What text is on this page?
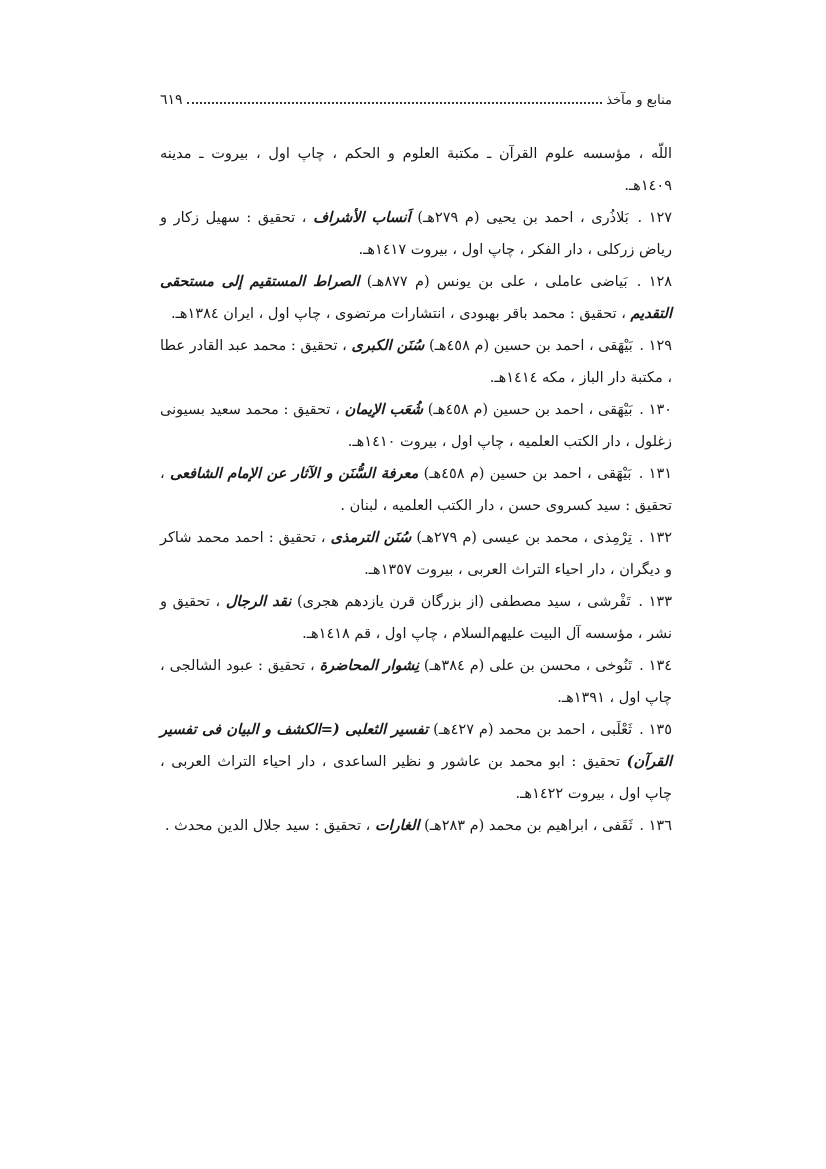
منابع و مآخذ
٦١٩

اللّه ، مؤسسه علوم القرآن ـ مكتبة العلوم و الحكم ، چاپ اول ، بيروت ـ مدينه ١٤٠٩هـ.

١٢٧ . بَلاذُرى ، احمد بن يحيى (م ٢٧٩هـ) اَنساب الأشراف ، تحقيق : سهيل زكار و رياض زركلى ، دار الفكر ، چاپ اول ، بيروت ١٤١٧هـ.

١٢٨ . بَياضى عاملى ، على بن يونس (م ٨٧٧هـ) الصراط المستقيم إلى مستحقى التقديم ، تحقيق : محمد باقر بهبودى ، انتشارات مرتضوى ، چاپ اول ، ايران ١٣٨٤هـ.

١٢٩ . بَيْهَقى ، احمد بن حسين (م ٤٥٨هـ) سُنَن الكبرى ، تحقيق : محمد عبد القادر عطا ، مكتبة دار الباز ، مكه ١٤١٤هـ.

١٣٠ . بَيْهَقى ، احمد بن حسين (م ٤٥٨هـ) شُعَب الإيمان ، تحقيق : محمد سعيد بسيونى زغلول ، دار الكتب العلميه ، چاپ اول ، بيروت ١٤١٠هـ.

١٣١ . بَيْهَقى ، احمد بن حسين (م ٤٥٨هـ) معرفة السُّنَن و الآثار عن الإمام الشافعى ، تحقيق : سيد كسروى حسن ، دار الكتب العلميه ، لبنان .

١٣٢ . تِرْمِذى ، محمد بن عيسى (م ٢٧٩هـ) سُنَن الترمذى ، تحقيق : احمد محمد شاكر و ديگران ، دار احياء التراث العربى ، بيروت ١٣٥٧هـ.

١٣٣ . تَفْرشى ، سيد مصطفى (از بزرگان قرن يازدهم هجرى) نقد الرجال ، تحقيق و نشر ، مؤسسه آل البيت عليهم‌السلام ، چاپ اول ، قم ١٤١٨هـ.

١٣٤ . تَنُوخى ، محسن بن على (م ٣٨٤هـ) نِشوار المحاضرة ، تحقيق : عبود الشالجى ، چاپ اول ، ١٣٩١هـ.

١٣٥ . ثَعْلَبى ، احمد بن محمد (م ٤٢٧هـ) تفسير الثعلبى (=الكشف و البيان فى تفسير القرآن) تحقيق : ابو محمد بن عاشور و نظير الساعدى ، دار احياء التراث العربى ، چاپ اول ، بيروت ١٤٢٢هـ.

١٣٦ . ثَقَفى ، ابراهيم بن محمد (م ٢٨٣هـ) الغارات ، تحقيق : سيد جلال الدين محدث .
